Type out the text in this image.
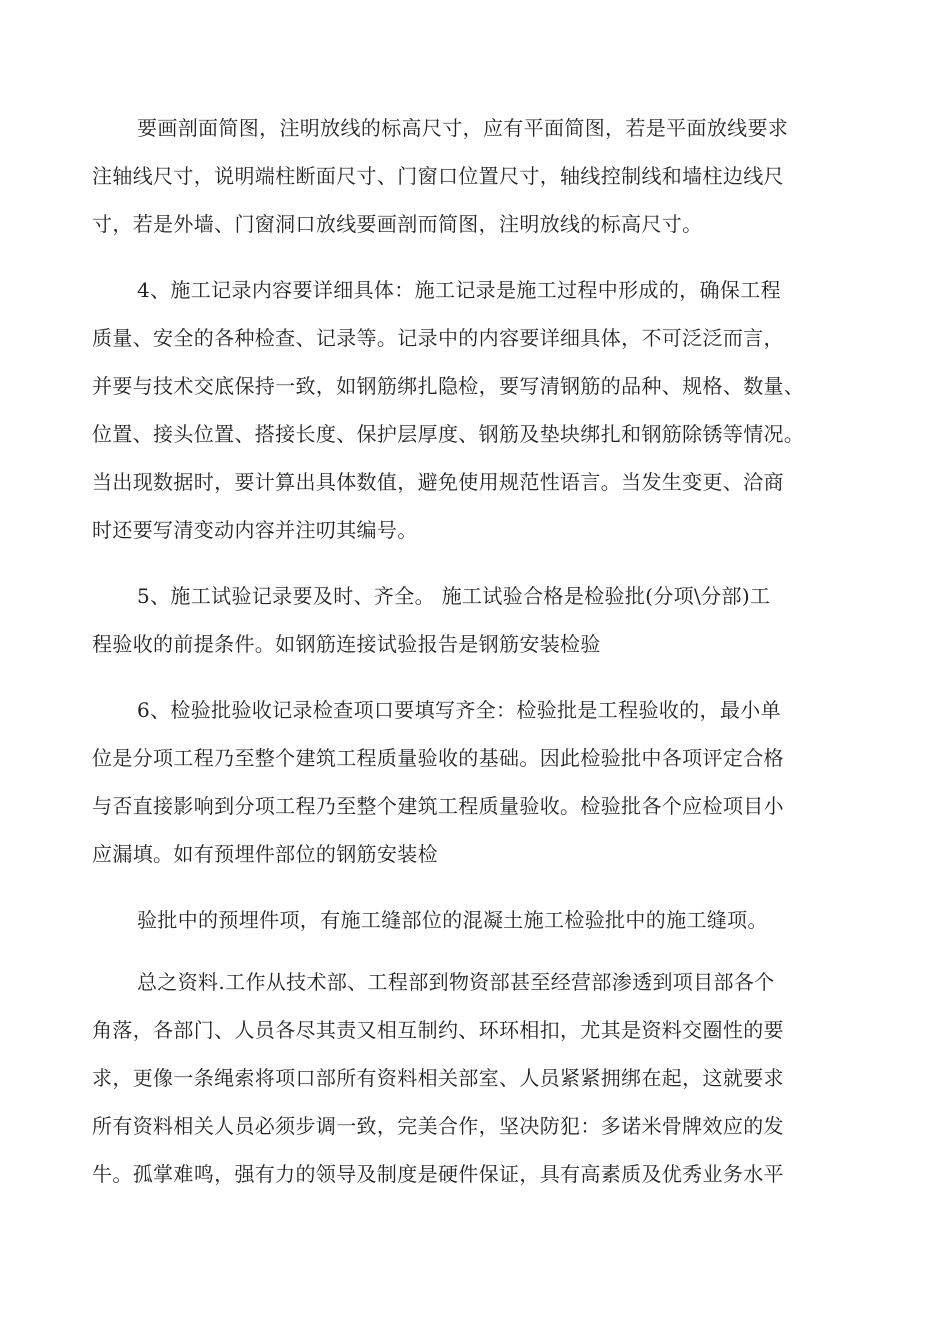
要画剖面简图，注明放线的标高尺寸，应有平面简图，若是平面放线要求
注轴线尺寸，说明端柱断面尺寸、门窗口位置尺寸，轴线控制线和墙柱边线尺
寸，若是外墙、门窗洞口放线要画剖而简图，注明放线的标高尺寸。
4、施工记录内容要详细具体：施工记录是施工过程中形成的，确保工程
质量、安全的各种检查、记录等。记录中的内容要详细具体，不可泛泛而言，
并要与技术交底保持一致，如钢筋绑扎隐检，要写清钢筋的品种、规格、数量、
位置、接头位置、搭接长度、保护层厚度、钢筋及垫块绑扎和钢筋除锈等情况。
当出现数据时，要计算出具体数值，避免使用规范性语言。当发生变更、洽商
时还要写清变动内容并注叨其编号。
5、施工试验记录要及时、齐全。 施工试验合格是检验批(分项\分部)工
程验收的前提条件。如钢筋连接试验报告是钢筋安装检验
6、检验批验收记录检查项口要填写齐全：检验批是工程验收的，最小单
位是分项工程乃至整个建筑工程质量验收的基础。因此检验批中各项评定合格
与否直接影响到分项工程乃至整个建筑工程质量验收。检验批各个应检项目小
应漏填。如有预埋件部位的钢筋安装检
验批中的预埋件项，有施工缝部位的混凝土施工检验批中的施工缝项。
总之资料.工作从技术部、工程部到物资部甚至经营部渗透到项目部各个
角落，各部门、人员各尽其责又相互制约、环环相扣，尤其是资料交圈性的要
求，更像一条绳索将项口部所有资料相关部室、人员紧紧拥绑在起，这就要求
所有资料相关人员必须步调一致，完美合作，坚决防犯：多诺米骨牌效应的发
牛。孤掌难鸣，强有力的领导及制度是硬件保证，具有高素质及优秀业务水平
